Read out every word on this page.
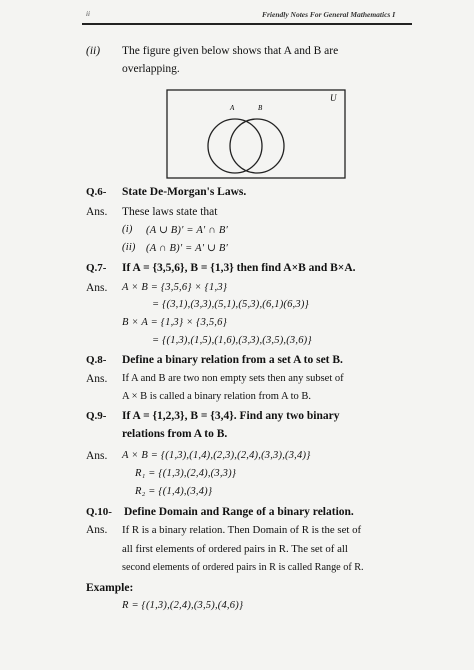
ii	Friendly Notes For General Mathematics I
(ii) The figure given below shows that A and B are
overlapping.
U
A	B
Q.6- State De-Morgan's Laws.
Ans. These laws state that
(i) (A ∪ B)′ = A′ ∩ B′
(ii) (A ∩ B)′ = A′ ∪ B′
Q.7- If A = {3,5,6}, B = {1,3} then find A×B and B×A.
Ans. A × B = {3,5,6} × {1,3}
= {(3,1),(3,3),(5,1),(5,3),(6,1)(6,3)}
B × A = {1,3} × {3,5,6}
= {(1,3),(1,5),(1,6),(3,3),(3,5),(3,6)}
Q.8- Define a binary relation from a set A to set B.
Ans. If A and B are two non empty sets then any subset of
A × B is called a binary relation from A to B.
Q.9- If A = {1,2,3}, B = {3,4}. Find any two binary
relations from A to B.
Ans. A × B = {(1,3),(1,4),(2,3),(2,4),(3,3),(3,4)}
R₁ = {(1,3),(2,4),(3,3)}
R₂ = {(1,4),(3,4)}
Q.10- Define Domain and Range of a binary relation.
Ans. If R is a binary relation. Then Domain of R is the set of
all first elements of ordered pairs in R. The set of all
second elements of ordered pairs in R is called Range of R.
Example:
R = {(1,3),(2,4),(3,5),(4,6)}
